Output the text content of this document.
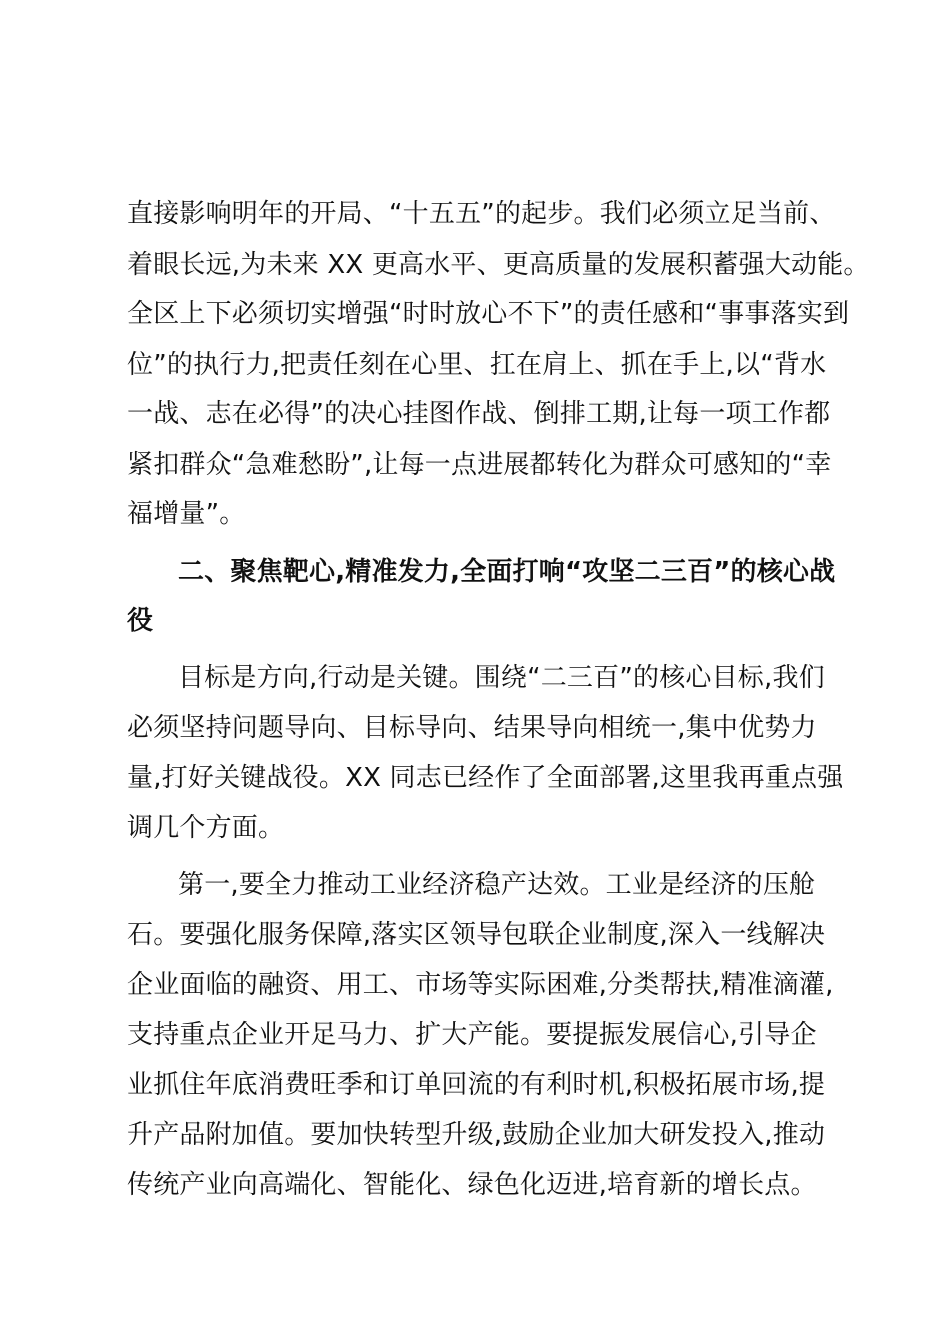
直接影响明年的开局、“十五五”的起步。我们必须立足当前、
着眼长远,为未来 XX 更高水平、更高质量的发展积蓄强大动能。
全区上下必须切实增强“时时放心不下”的责任感和“事事落实到
位”的执行力,把责任刻在心里、扛在肩上、抓在手上,以“背水
一战、志在必得”的决心挂图作战、倒排工期,让每一项工作都
紧扣群众“急难愁盼”,让每一点进展都转化为群众可感知的“幸
福增量”。
二、聚焦靶心,精准发力,全面打响“攻坚二三百”的核心战
役
目标是方向,行动是关键。围绕“二三百”的核心目标,我们
必须坚持问题导向、目标导向、结果导向相统一,集中优势力
量,打好关键战役。XX 同志已经作了全面部署,这里我再重点强
调几个方面。
第一,要全力推动工业经济稳产达效。工业是经济的压舱
石。要强化服务保障,落实区领导包联企业制度,深入一线解决
企业面临的融资、用工、市场等实际困难,分类帮扶,精准滴灌,
支持重点企业开足马力、扩大产能。要提振发展信心,引导企
业抓住年底消费旺季和订单回流的有利时机,积极拓展市场,提
升产品附加值。要加快转型升级,鼓励企业加大研发投入,推动
传统产业向高端化、智能化、绿色化迈进,培育新的增长点。
